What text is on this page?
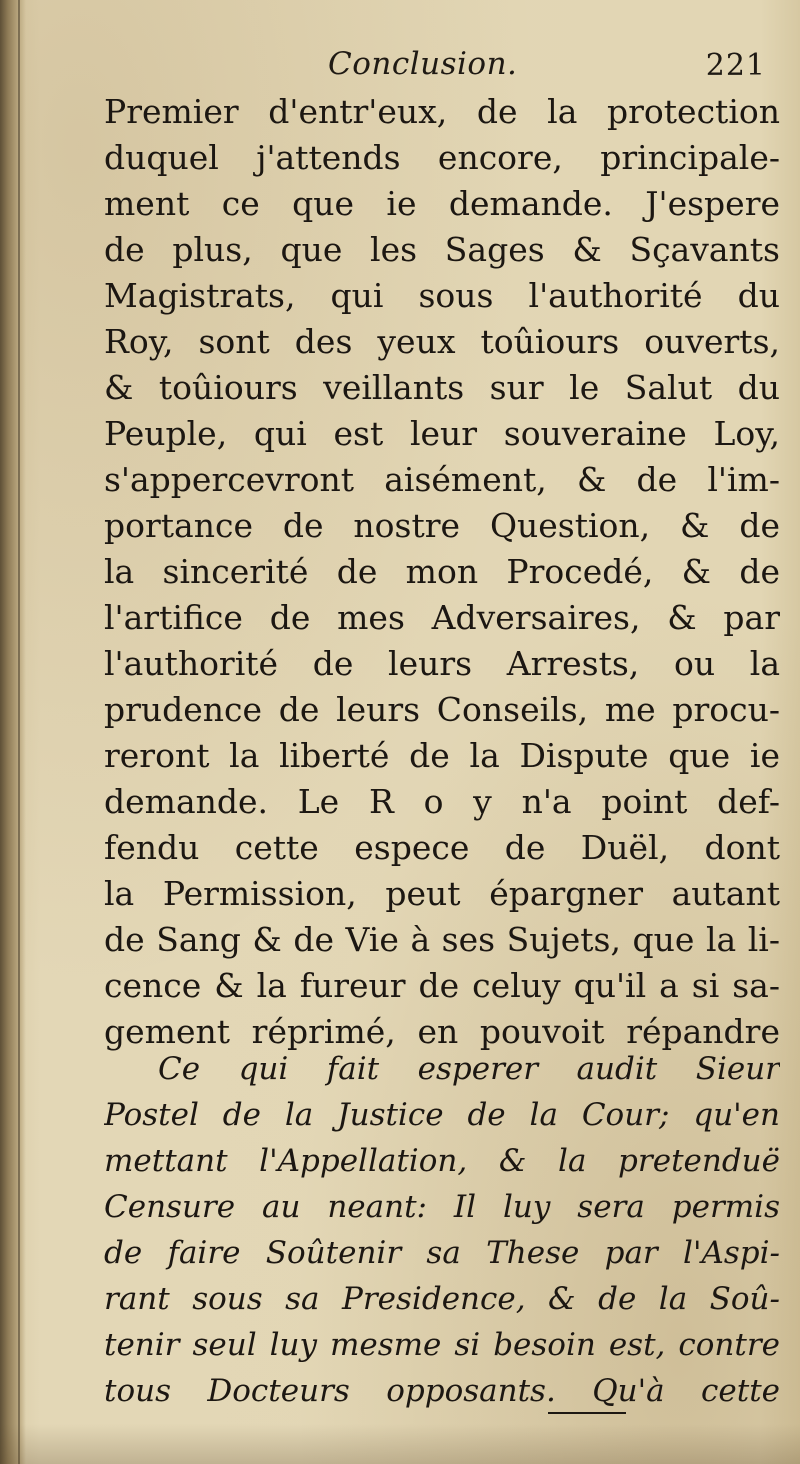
Conclusion.	221
Premier d'entr'eux, de la protection
duquel j'attends encore, principale-
ment ce que ie demande. J'espere
de plus, que les Sages & Sçavants
Magistrats, qui sous l'authorité du
Roy, sont des yeux toûiours ouverts,
& toûiours veillants sur le Salut du
Peuple, qui est leur souveraine Loy,
s'appercevront aisément, & de l'im-
portance de nostre Question, & de
la sincerité de mon Procedé, & de
l'artifice de mes Adversaires, & par
l'authorité de leurs Arrests, ou la
prudence de leurs Conseils, me procu-
reront la liberté de la Dispute que ie
demande. Le R o y n'a point def-
fendu cette espece de Duël, dont
la Permission, peut épargner autant
de Sang & de Vie à ses Sujets, que la li-
cence & la fureur de celuy qu'il a si sa-
gement réprimé, en pouvoit répandre
Ce qui fait esperer audit Sieur
Postel de la Justice de la Cour; qu'en
mettant l'Appellation, & la pretenduë
Censure au neant: Il luy sera permis
de faire Soûtenir sa These par l'Aspi-
rant sous sa Presidence, & de la Soû-
tenir seul luy mesme si besoin est, contre
tous Docteurs opposants. Qu'à cette
